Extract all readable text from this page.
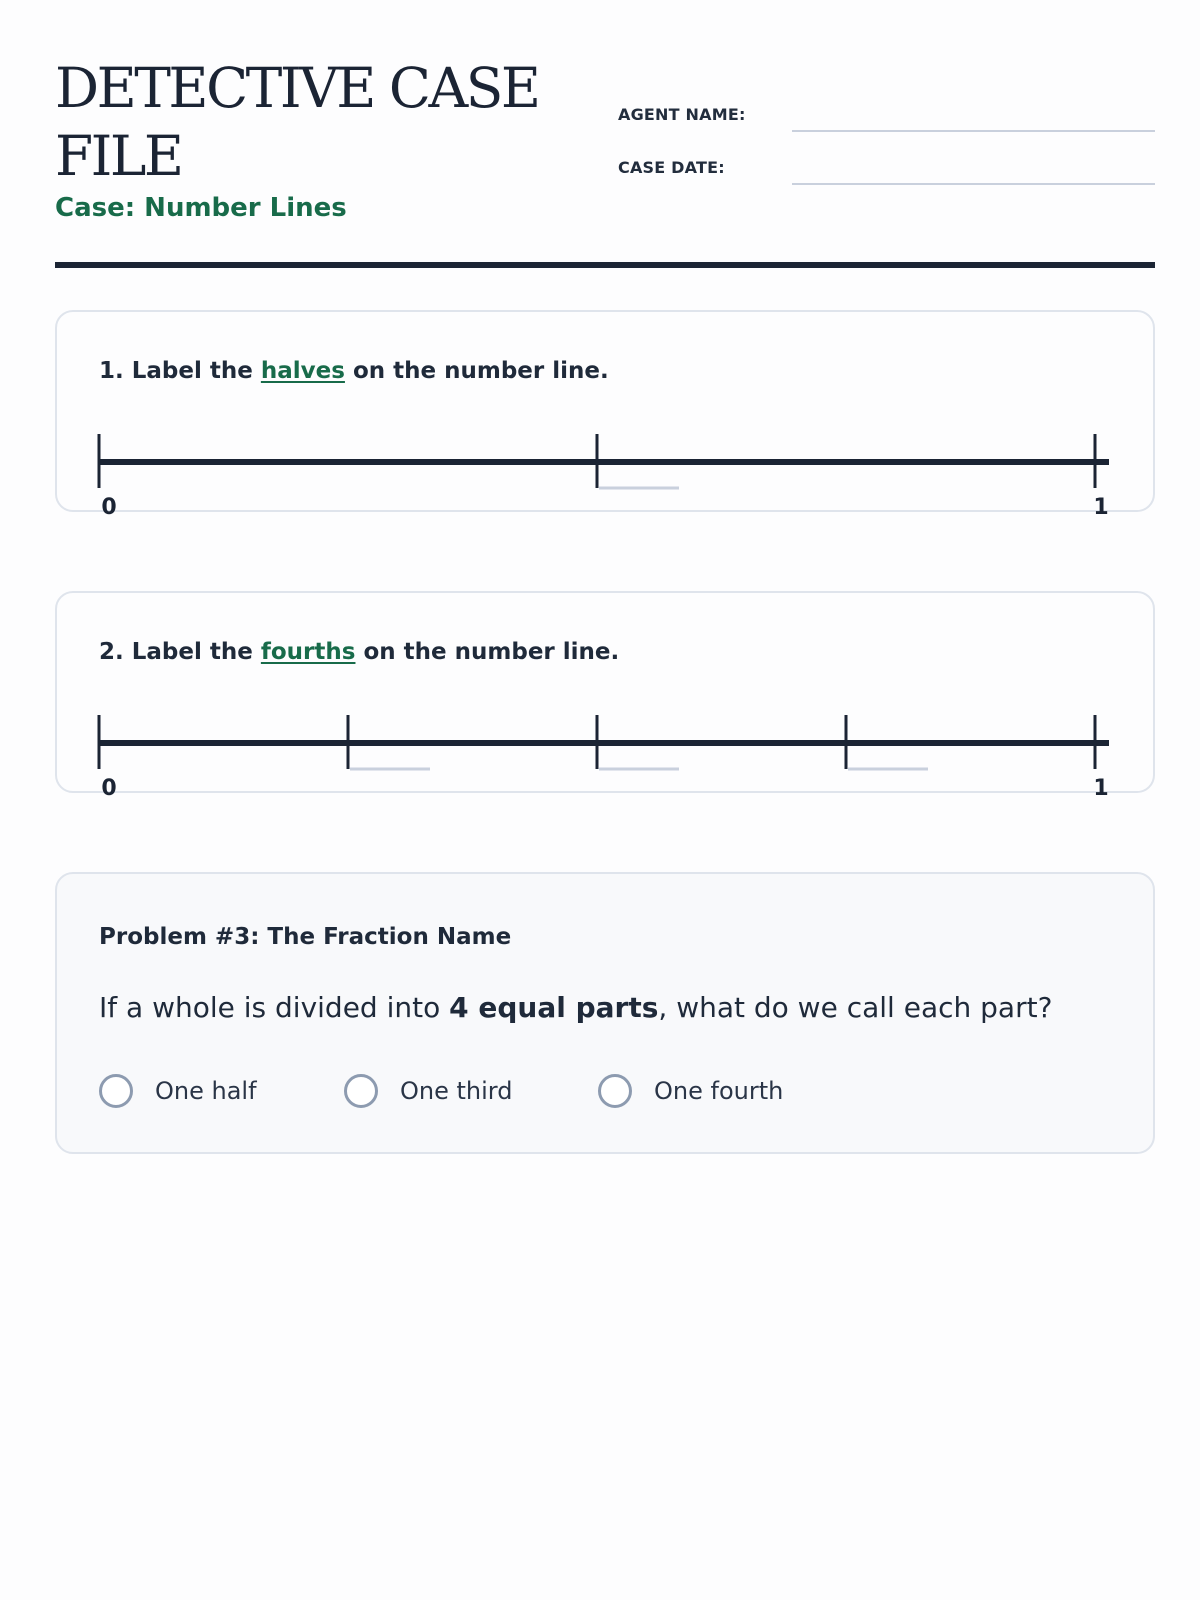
DETECTIVE CASE FILE

Case: Number Lines

AGENT NAME:
CASE DATE:

1. Label the halves on the number line.

0	1

2. Label the fourths on the number line.

0	1

Problem #3: The Fraction Name

If a whole is divided into 4 equal parts, what do we call each part?

One half	One third	One fourth
